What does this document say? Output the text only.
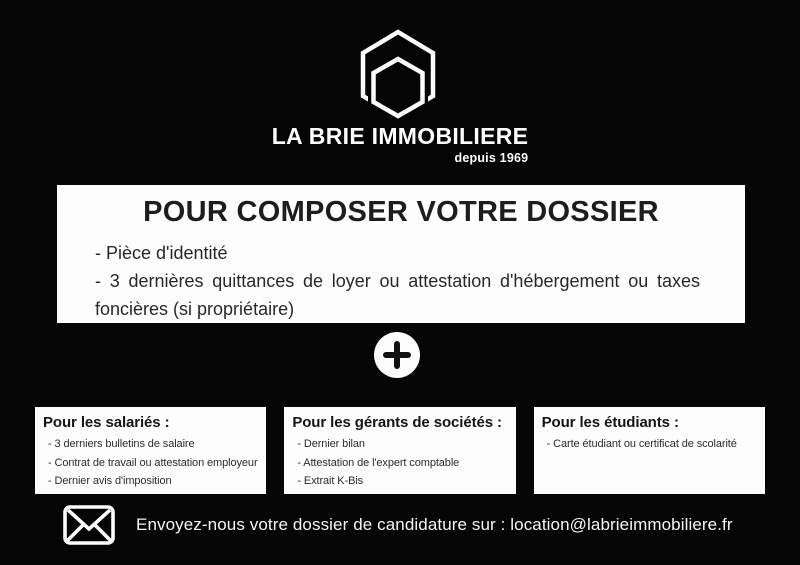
LA BRIE IMMOBILIERE
depuis 1969
POUR COMPOSER VOTRE DOSSIER
- Pièce d'identité
- 3 dernières quittances de loyer ou attestation d'hébergement ou taxes foncières (si propriétaire)
Pour les salariés :
- 3 derniers bulletins de salaire
- Contrat de travail ou attestation employeur
- Dernier avis d'imposition
Pour les gérants de sociétés :
- Dernier bilan
- Attestation de l'expert comptable
- Extrait K-Bis
Pour les étudiants :
- Carte étudiant ou certificat de scolarité
Envoyez-nous votre dossier de candidature sur : location@labrieimmobiliere.fr
